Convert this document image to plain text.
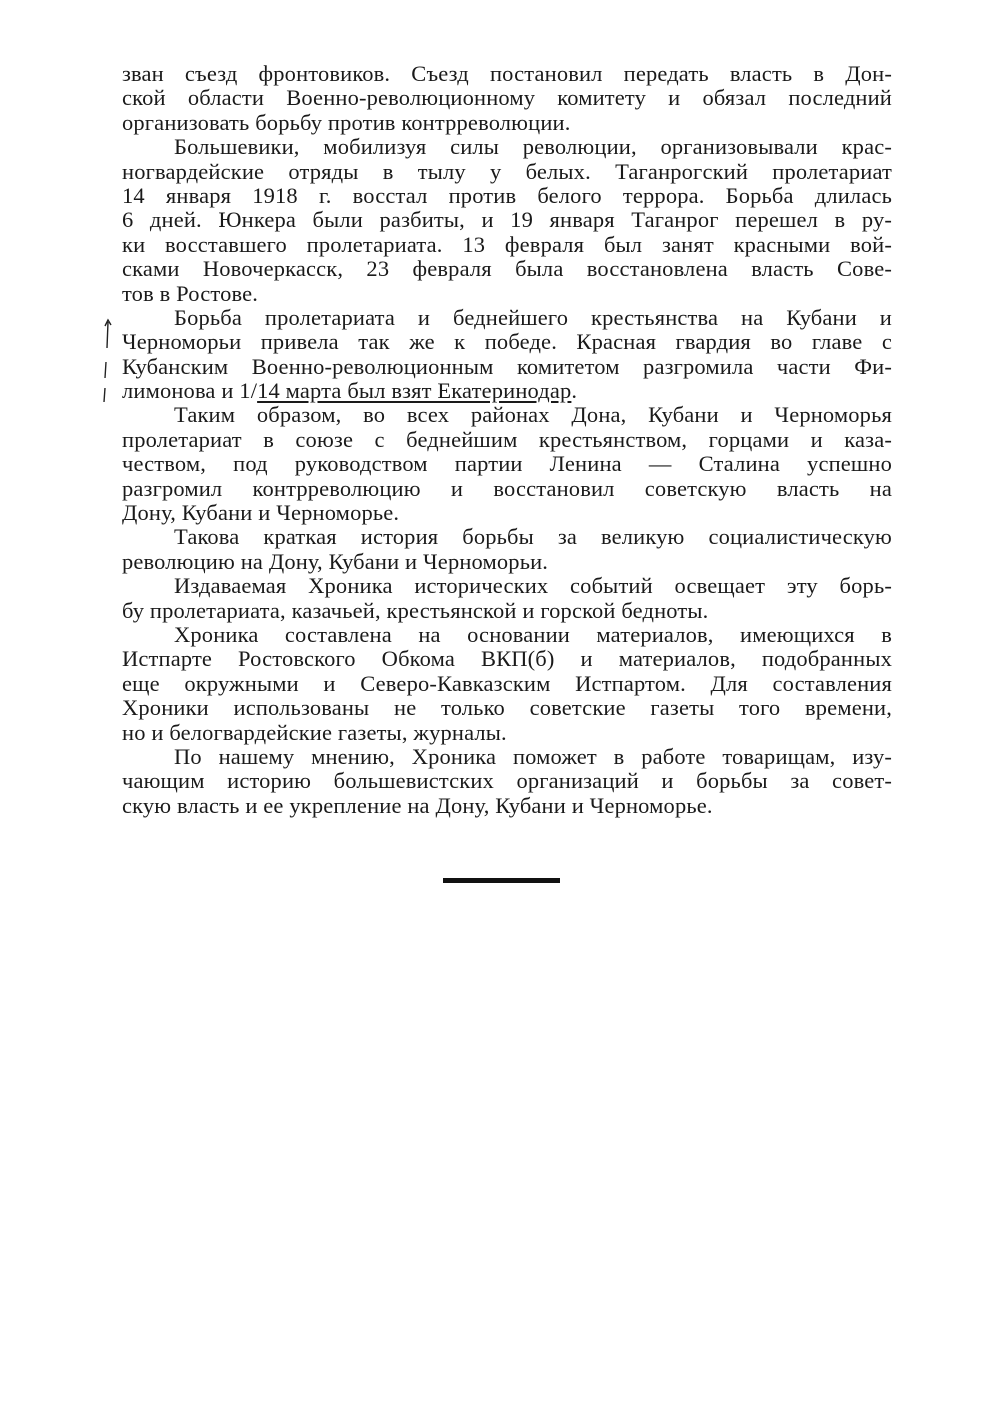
зван съезд фронтовиков. Съезд постановил передать власть в Дон-
ской области Военно-революционному комитету и обязал последний
организовать борьбу против контрреволюции.
Большевики, мобилизуя силы революции, организовывали крас-
ногвардейские отряды в тылу у белых. Таганрогский пролетариат
14 января 1918 г. восстал против белого террора. Борьба длилась
6 дней. Юнкера были разбиты, и 19 января Таганрог перешел в ру-
ки восставшего пролетариата. 13 февраля был занят красными вой-
сками Новочеркасск, 23 февраля была восстановлена власть Сове-
тов в Ростове.
Борьба пролетариата и беднейшего крестьянства на Кубани и
Черноморьи привела так же к победе. Красная гвардия во главе с
Кубанским Военно-революционным комитетом разгромила части Фи-
лимонова и 1/14 марта был взят Екатеринодар.
Таким образом, во всех районах Дона, Кубани и Черноморья
пролетариат в союзе с беднейшим крестьянством, горцами и каза-
чеством, под руководством партии Ленина — Сталина успешно
разгромил контрреволюцию и восстановил советскую власть на
Дону, Кубани и Черноморье.
Такова краткая история борьбы за великую социалистическую
революцию на Дону, Кубани и Черноморьи.
Издаваемая Хроника исторических событий освещает эту борь-
бу пролетариата, казачьей, крестьянской и горской бедноты.
Хроника составлена на основании материалов, имеющихся в
Истпарте Ростовского Обкома ВКП(б) и материалов, подобранных
еще окружными и Северо-Кавказским Истпартом. Для составления
Хроники использованы не только советские газеты того времени,
но и белогвардейские газеты, журналы.
По нашему мнению, Хроника поможет в работе товарищам, изу-
чающим историю большевистских организаций и борьбы за совет-
скую власть и ее укрепление на Дону, Кубани и Черноморье.
